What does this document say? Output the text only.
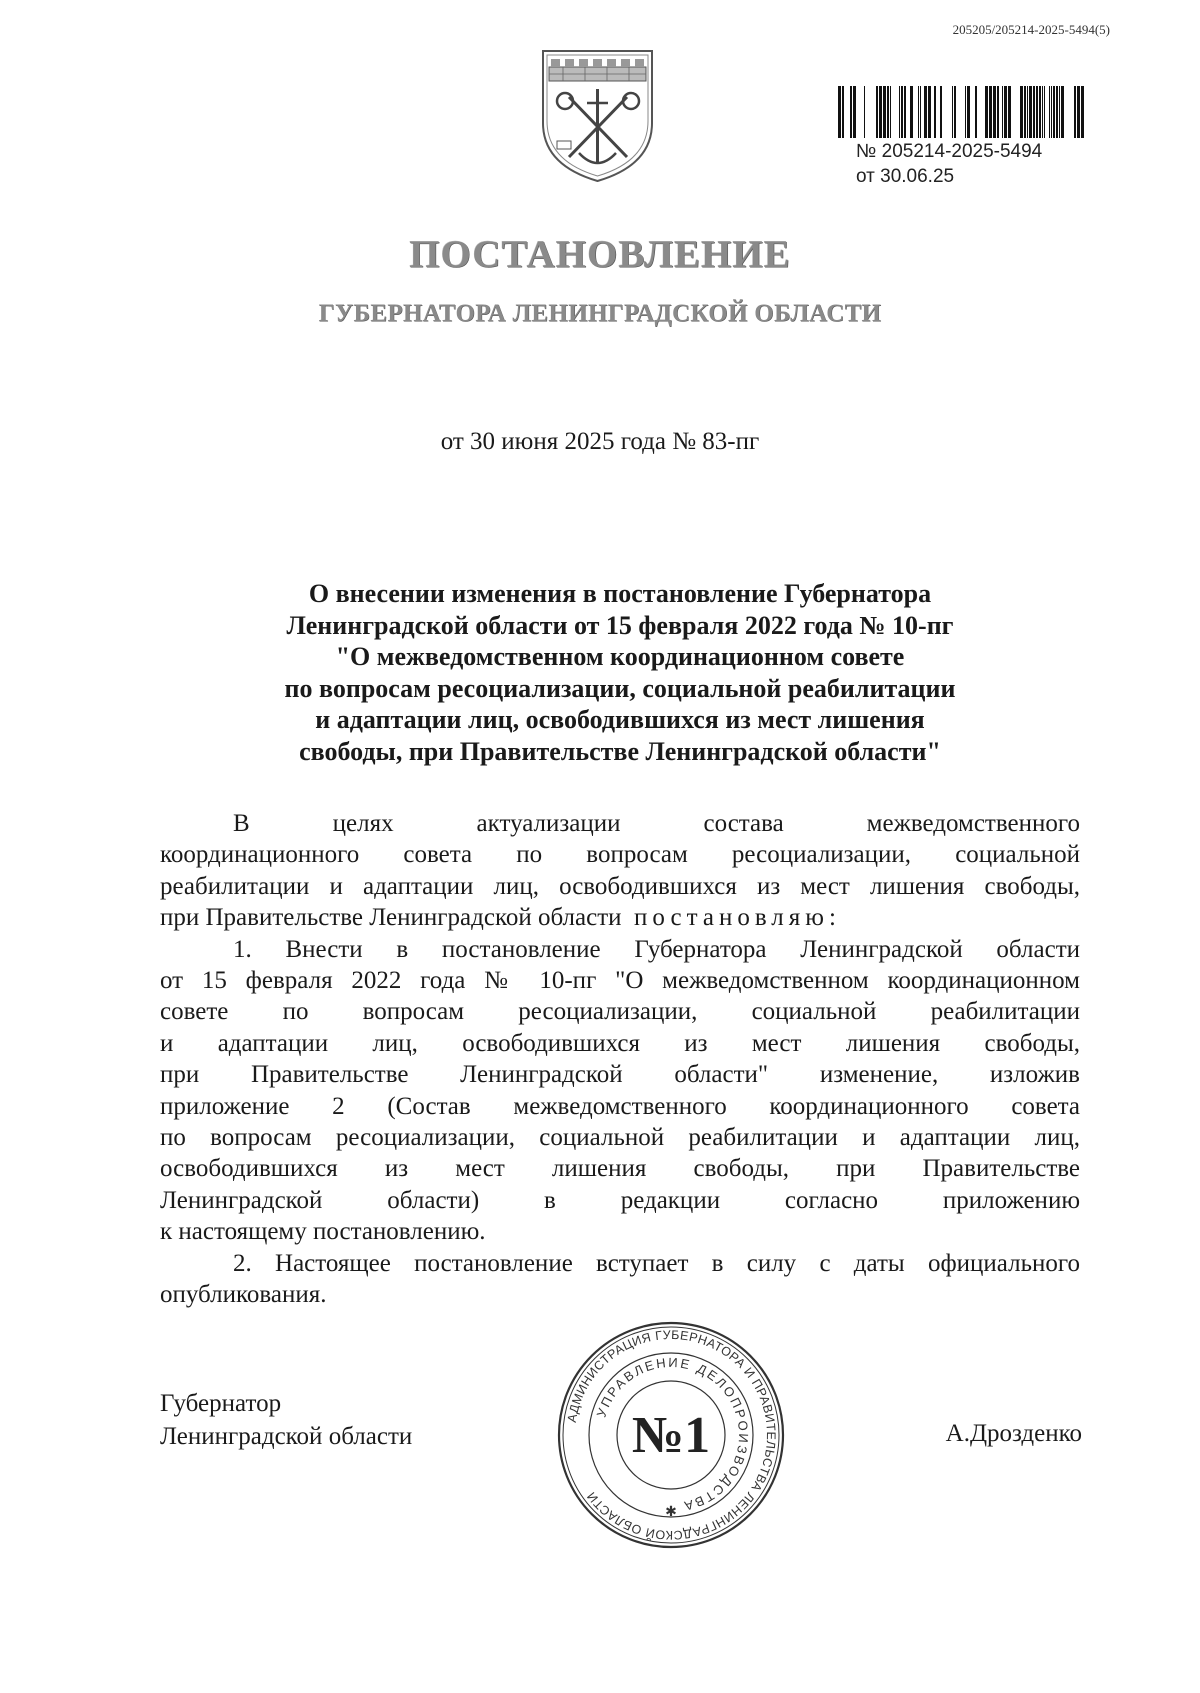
205205/205214-2025-5494(5)
№ 205214-2025-5494
от 30.06.25
ПОСТАНОВЛЕНИЕ
ГУБЕРНАТОРА ЛЕНИНГРАДСКОЙ ОБЛАСТИ
от 30 июня 2025 года № 83-пг
О внесении изменения в постановление Губернатора
Ленинградской области от 15 февраля 2022 года № 10-пг
"О межведомственном координационном совете
по вопросам ресоциализации, социальной реабилитации
и адаптации лиц, освободившихся из мест лишения
свободы, при Правительстве Ленинградской области"
В целях актуализации состава межведомственного
координационного совета по вопросам ресоциализации, социальной
реабилитации и адаптации лиц, освободившихся из мест лишения свободы,
при Правительстве Ленинградской области постановляю:
1. Внести в постановление Губернатора Ленинградской области
от 15 февраля 2022 года № 10-пг "О межведомственном координационном
совете по вопросам ресоциализации, социальной реабилитации
и адаптации лиц, освободившихся из мест лишения свободы,
при Правительстве Ленинградской области" изменение, изложив
приложение 2 (Состав межведомственного координационного совета
по вопросам ресоциализации, социальной реабилитации и адаптации лиц,
освободившихся из мест лишения свободы, при Правительстве
Ленинградской области) в редакции согласно приложению
к настоящему постановлению.
2. Настоящее постановление вступает в силу с даты официального
опубликования.
Губернатор
Ленинградской области	А.Дрозденко
АДМИНИСТРАЦИЯ ГУБЕРНАТОРА И ПРАВИТЕЛЬСТВА ЛЕНИНГРАДСКОЙ ОБЛАСТИ
УПРАВЛЕНИЕ ДЕЛОПРОИЗВОДСТВА
✱
№1
